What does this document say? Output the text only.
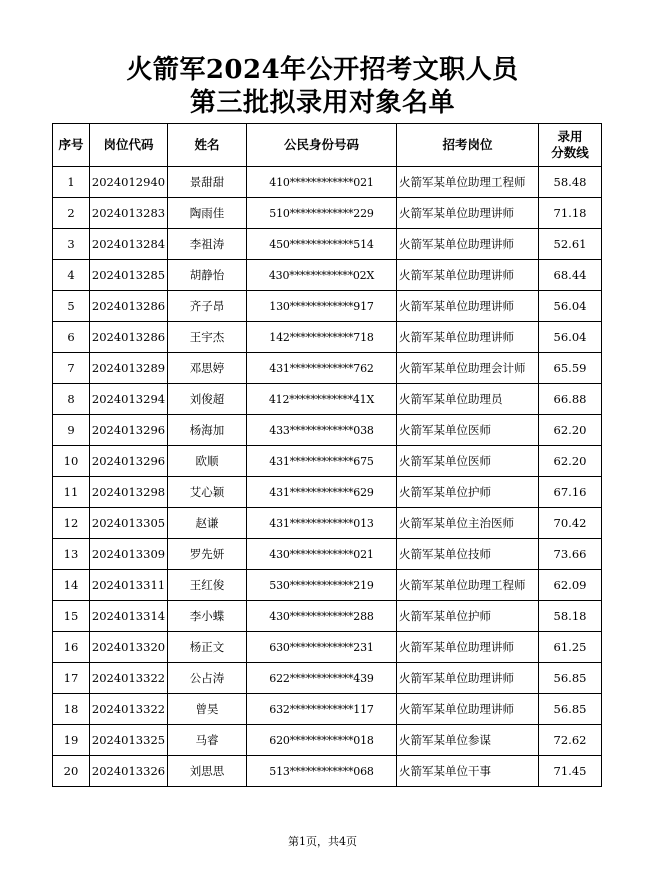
火箭军2024年公开招考文职人员
第三批拟录用对象名单
序号	岗位代码	姓名	公民身份号码	招考岗位	录用
分数线
1	2024012940	景甜甜	410************021	火箭军某单位助理工程师	58.48
2	2024013283	陶雨佳	510************229	火箭军某单位助理讲师	71.18
3	2024013284	李祖涛	450************514	火箭军某单位助理讲师	52.61
4	2024013285	胡静怡	430************02X	火箭军某单位助理讲师	68.44
5	2024013286	齐子昂	130************917	火箭军某单位助理讲师	56.04
6	2024013286	王宇杰	142************718	火箭军某单位助理讲师	56.04
7	2024013289	邓思婷	431************762	火箭军某单位助理会计师	65.59
8	2024013294	刘俊超	412************41X	火箭军某单位助理员	66.88
9	2024013296	杨海加	433************038	火箭军某单位医师	62.20
10	2024013296	欧顺	431************675	火箭军某单位医师	62.20
11	2024013298	艾心颖	431************629	火箭军某单位护师	67.16
12	2024013305	赵谦	431************013	火箭军某单位主治医师	70.42
13	2024013309	罗先妍	430************021	火箭军某单位技师	73.66
14	2024013311	王红俊	530************219	火箭军某单位助理工程师	62.09
15	2024013314	李小蝶	430************288	火箭军某单位护师	58.18
16	2024013320	杨正文	630************231	火箭军某单位助理讲师	61.25
17	2024013322	公占涛	622************439	火箭军某单位助理讲师	56.85
18	2024013322	曾昊	632************117	火箭军某单位助理讲师	56.85
19	2024013325	马睿	620************018	火箭军某单位参谋	72.62
20	2024013326	刘思思	513************068	火箭军某单位干事	71.45
第1页，共4页
